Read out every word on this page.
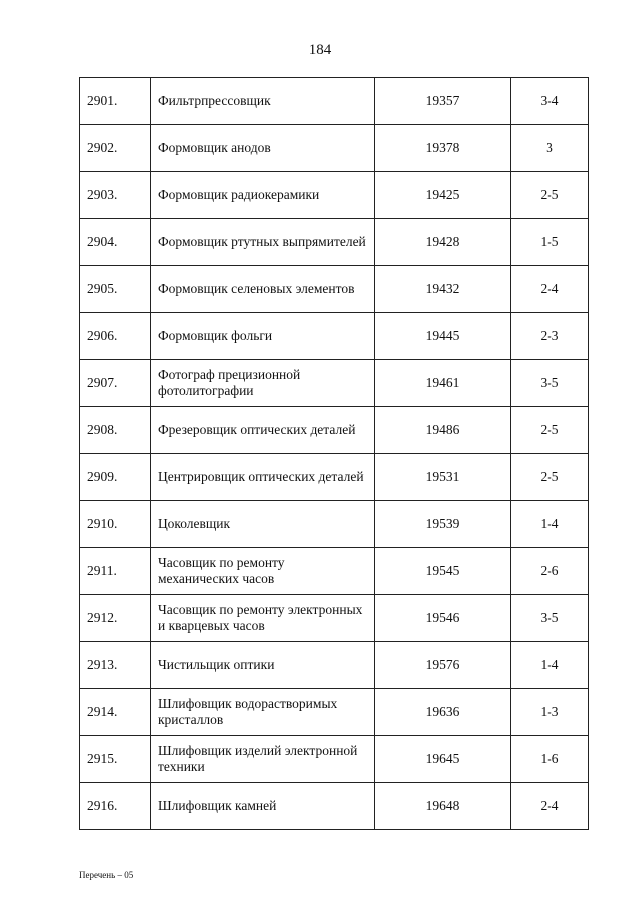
184
2901.	Фильтрпрессовщик	19357	3-4
2902.	Формовщик анодов	19378	3
2903.	Формовщик радиокерамики	19425	2-5
2904.	Формовщик ртутных выпрямителей	19428	1-5
2905.	Формовщик селеновых элементов	19432	2-4
2906.	Формовщик фольги	19445	2-3
2907.	Фотограф прецизионной фотолитографии	19461	3-5
2908.	Фрезеровщик оптических деталей	19486	2-5
2909.	Центрировщик оптических деталей	19531	2-5
2910.	Цоколевщик	19539	1-4
2911.	Часовщик по ремонту механических часов	19545	2-6
2912.	Часовщик по ремонту электронных и кварцевых часов	19546	3-5
2913.	Чистильщик оптики	19576	1-4
2914.	Шлифовщик водорастворимых кристаллов	19636	1-3
2915.	Шлифовщик изделий электронной техники	19645	1-6
2916.	Шлифовщик камней	19648	2-4
Перечень – 05
